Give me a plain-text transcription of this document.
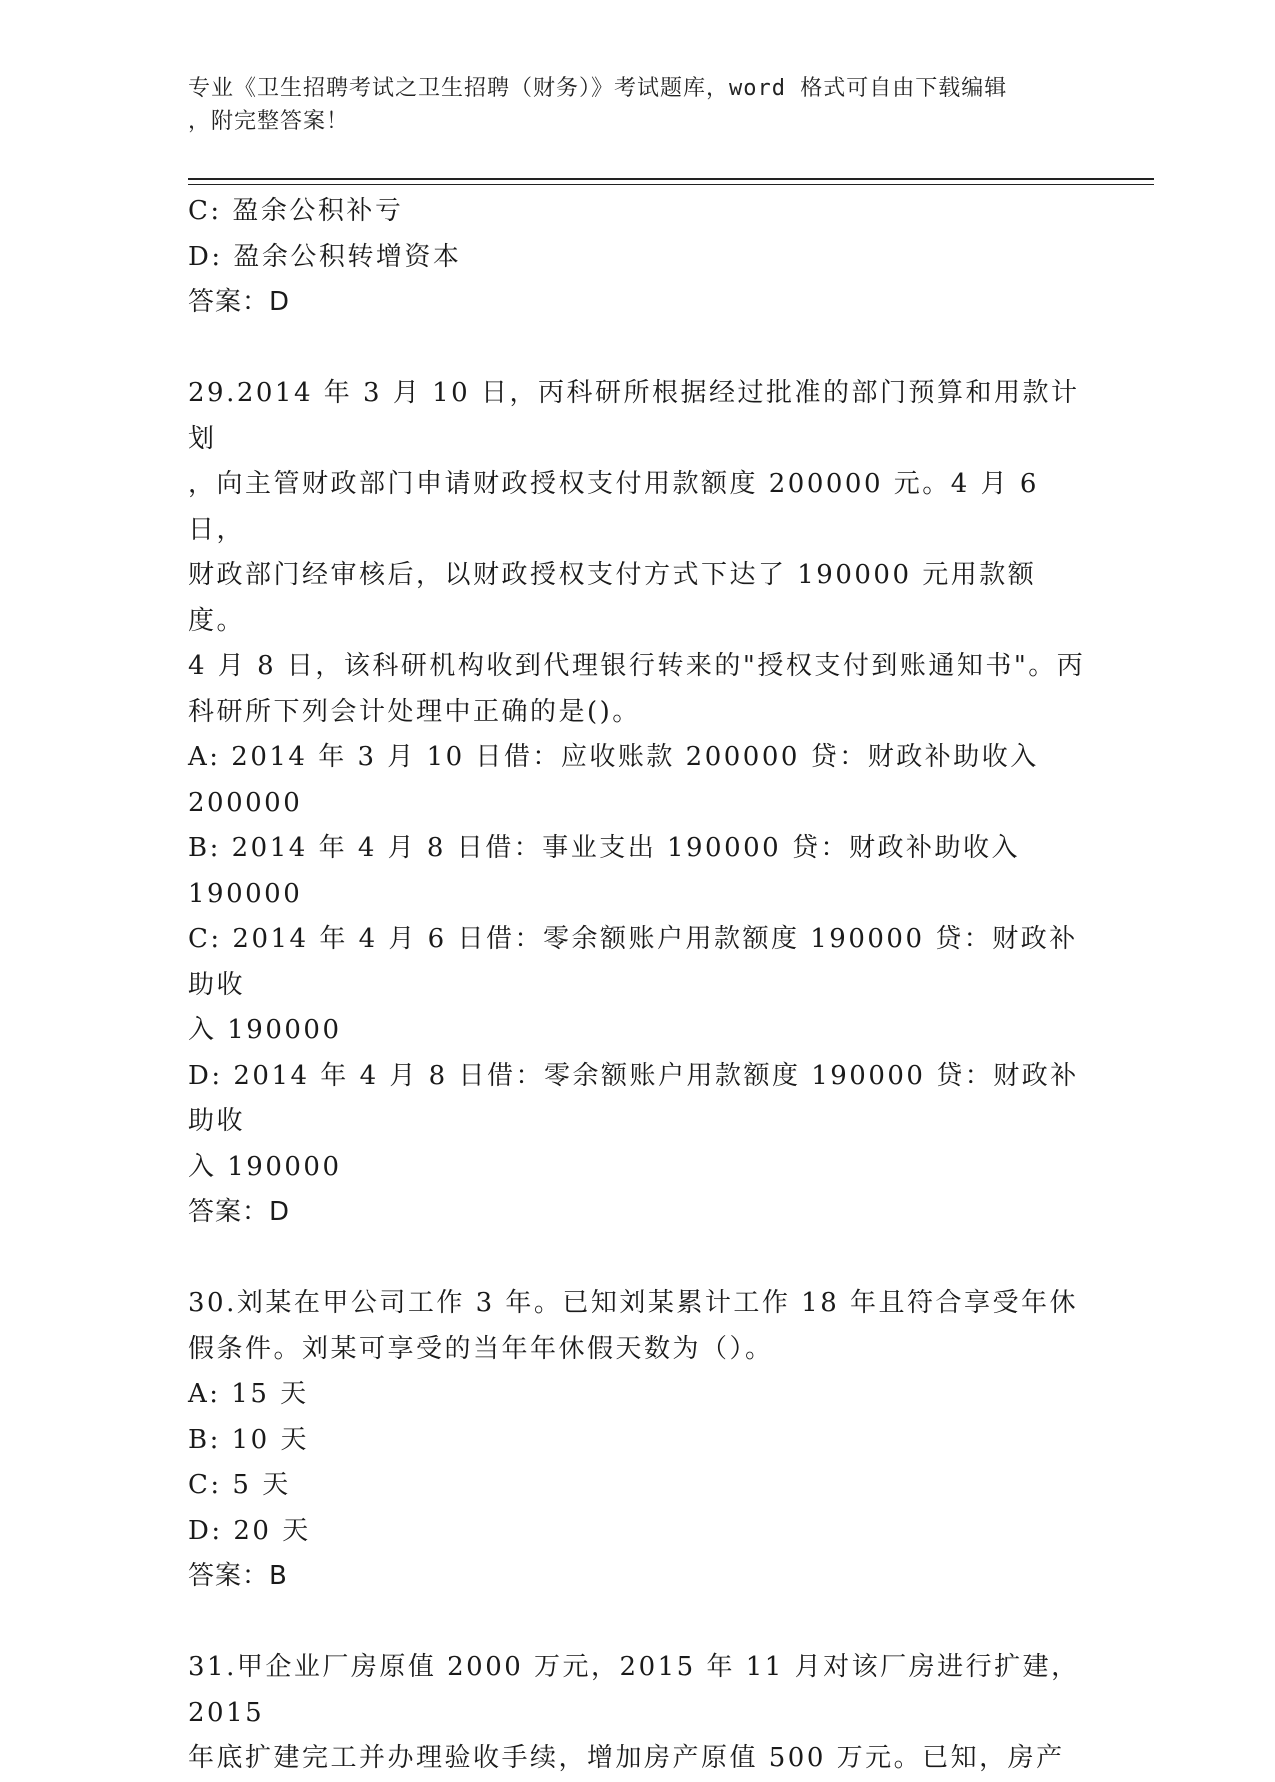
专业《卫生招聘考试之卫生招聘（财务）》考试题库，word 格式可自由下载编辑
，附完整答案！
C: 盈余公积补亏
D: 盈余公积转增资本
答案：D
29.2014 年 3 月 10 日，丙科研所根据经过批准的部门预算和用款计划
，向主管财政部门申请财政授权支付用款额度 200000 元。4 月 6 日，
财政部门经审核后，以财政授权支付方式下达了 190000 元用款额度。
4 月 8 日，该科研机构收到代理银行转来的"授权支付到账通知书"。丙
科研所下列会计处理中正确的是()。
A: 2014 年 3 月 10 日借：应收账款 200000 贷：财政补助收入 200000
B: 2014 年 4 月 8 日借：事业支出 190000 贷：财政补助收入 190000
C: 2014 年 4 月 6 日借：零余额账户用款额度 190000 贷：财政补助收
入 190000
D: 2014 年 4 月 8 日借：零余额账户用款额度 190000 贷：财政补助收
入 190000
答案：D
30.刘某在甲公司工作 3 年。已知刘某累计工作 18 年且符合享受年休
假条件。刘某可享受的当年年休假天数为（）。
A: 15 天
B: 10 天
C: 5 天
D: 20 天
答案：B
31.甲企业厂房原值 2000 万元，2015 年 11 月对该厂房进行扩建，2015
年底扩建完工并办理验收手续，增加房产原值 500 万元。已知，房产
